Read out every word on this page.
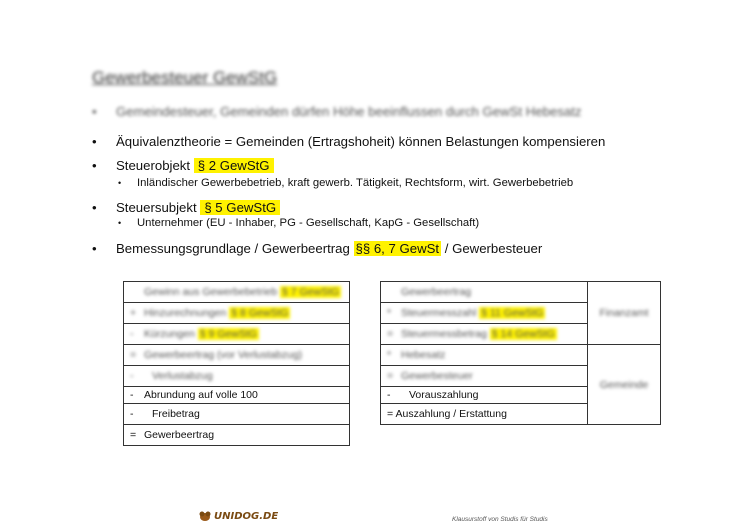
Gewerbesteuer GewStG
• Gemeindesteuer, Gemeinden dürfen Höhe beeinflussen durch GewSt Hebesatz
• Äquivalenztheorie = Gemeinden (Ertragshoheit) können Belastungen kompensieren
• Steuerobjekt § 2 GewStG
• Inländischer Gewerbebetrieb, kraft gewerb. Tätigkeit, Rechtsform, wirt. Gewerbebetrieb
• Steuersubjekt § 5 GewStG
• Unternehmer (EU - Inhaber, PG - Gesellschaft, KapG - Gesellschaft)
• Bemessungsgrundlage / Gewerbeertrag §§ 6, 7 GewSt / Gewerbesteuer
Gewinn aus Gewerbebetrieb § 7 GewStG
+ Hinzurechnungen § 8 GewStG
- Kürzungen § 9 GewStG
= Gewerbeertrag (vor Verlustabzug)
- Verlustabzug
- Abrundung auf volle 100
- Freibetrag
= Gewerbeertrag
Gewerbeertrag	Finanzamt
* Steuermesszahl § 11 GewStG	
= Steuermessbetrag § 14 GewStG	
* Hebesatz	Gemeinde
= Gewerbesteuer	
- Vorauszahlung	
= Auszahlung / Erstattung	
UNIDOG.DE	Klausurstoff von Studis für Studis
